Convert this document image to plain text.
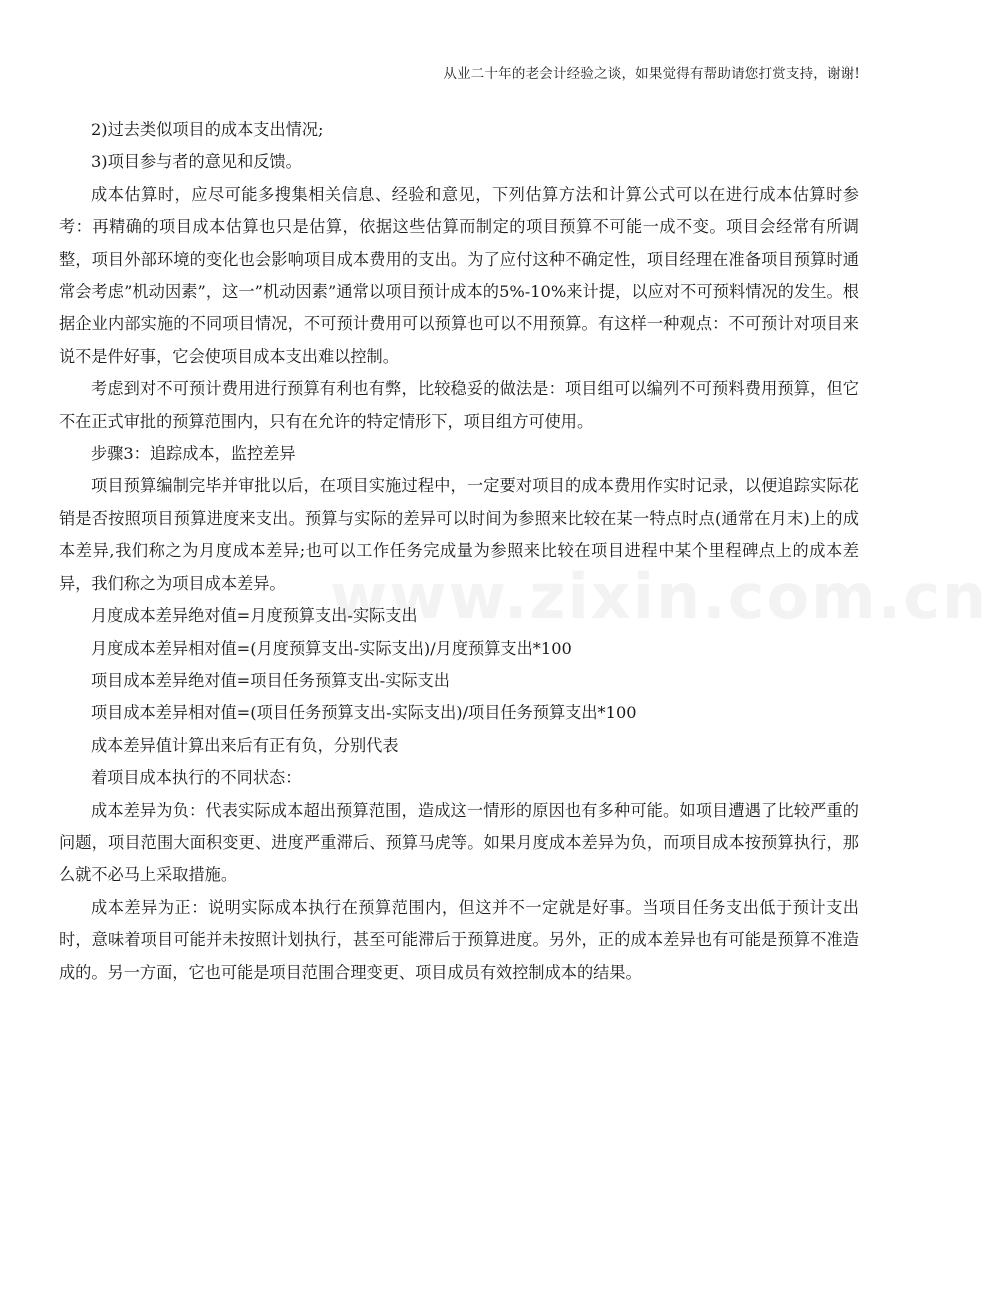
从业二十年的老会计经验之谈，如果觉得有帮助请您打赏支持，谢谢!
www.zixin.com.cn

2)过去类似项目的成本支出情况;

3)项目参与者的意见和反馈。

成本估算时，应尽可能多搜集相关信息、经验和意见，下列估算方法和计算公式可以在进行成本估算时参考：再精确的项目成本估算也只是估算，依据这些估算而制定的项目预算不可能一成不变。项目会经常有所调整，项目外部环境的变化也会影响项目成本费用的支出。为了应付这种不确定性，项目经理在准备项目预算时通常会考虑”机动因素”，这一”机动因素”通常以项目预计成本的5%-10%来计提，以应对不可预料情况的发生。根据企业内部实施的不同项目情况，不可预计费用可以预算也可以不用预算。有这样一种观点：不可预计对项目来说不是件好事，它会使项目成本支出难以控制。

考虑到对不可预计费用进行预算有利也有弊，比较稳妥的做法是：项目组可以编列不可预料费用预算，但它不在正式审批的预算范围内，只有在允许的特定情形下，项目组方可使用。

步骤3：追踪成本，监控差异

项目预算编制完毕并审批以后，在项目实施过程中，一定要对项目的成本费用作实时记录，以便追踪实际花销是否按照项目预算进度来支出。预算与实际的差异可以时间为参照来比较在某一特点时点(通常在月末)上的成本差异,我们称之为月度成本差异;也可以工作任务完成量为参照来比较在项目进程中某个里程碑点上的成本差异，我们称之为项目成本差异。

月度成本差异绝对值=月度预算支出-实际支出

月度成本差异相对值=(月度预算支出-实际支出)/月度预算支出*100

项目成本差异绝对值=项目任务预算支出-实际支出

项目成本差异相对值=(项目任务预算支出-实际支出)/项目任务预算支出*100

成本差异值计算出来后有正有负，分别代表

着项目成本执行的不同状态：

成本差异为负：代表实际成本超出预算范围，造成这一情形的原因也有多种可能。如项目遭遇了比较严重的问题，项目范围大面积变更、进度严重滞后、预算马虎等。如果月度成本差异为负，而项目成本按预算执行，那么就不必马上采取措施。

成本差异为正：说明实际成本执行在预算范围内，但这并不一定就是好事。当项目任务支出低于预计支出时，意味着项目可能并未按照计划执行，甚至可能滞后于预算进度。另外，正的成本差异也有可能是预算不准造成的。另一方面，它也可能是项目范围合理变更、项目成员有效控制成本的结果。
